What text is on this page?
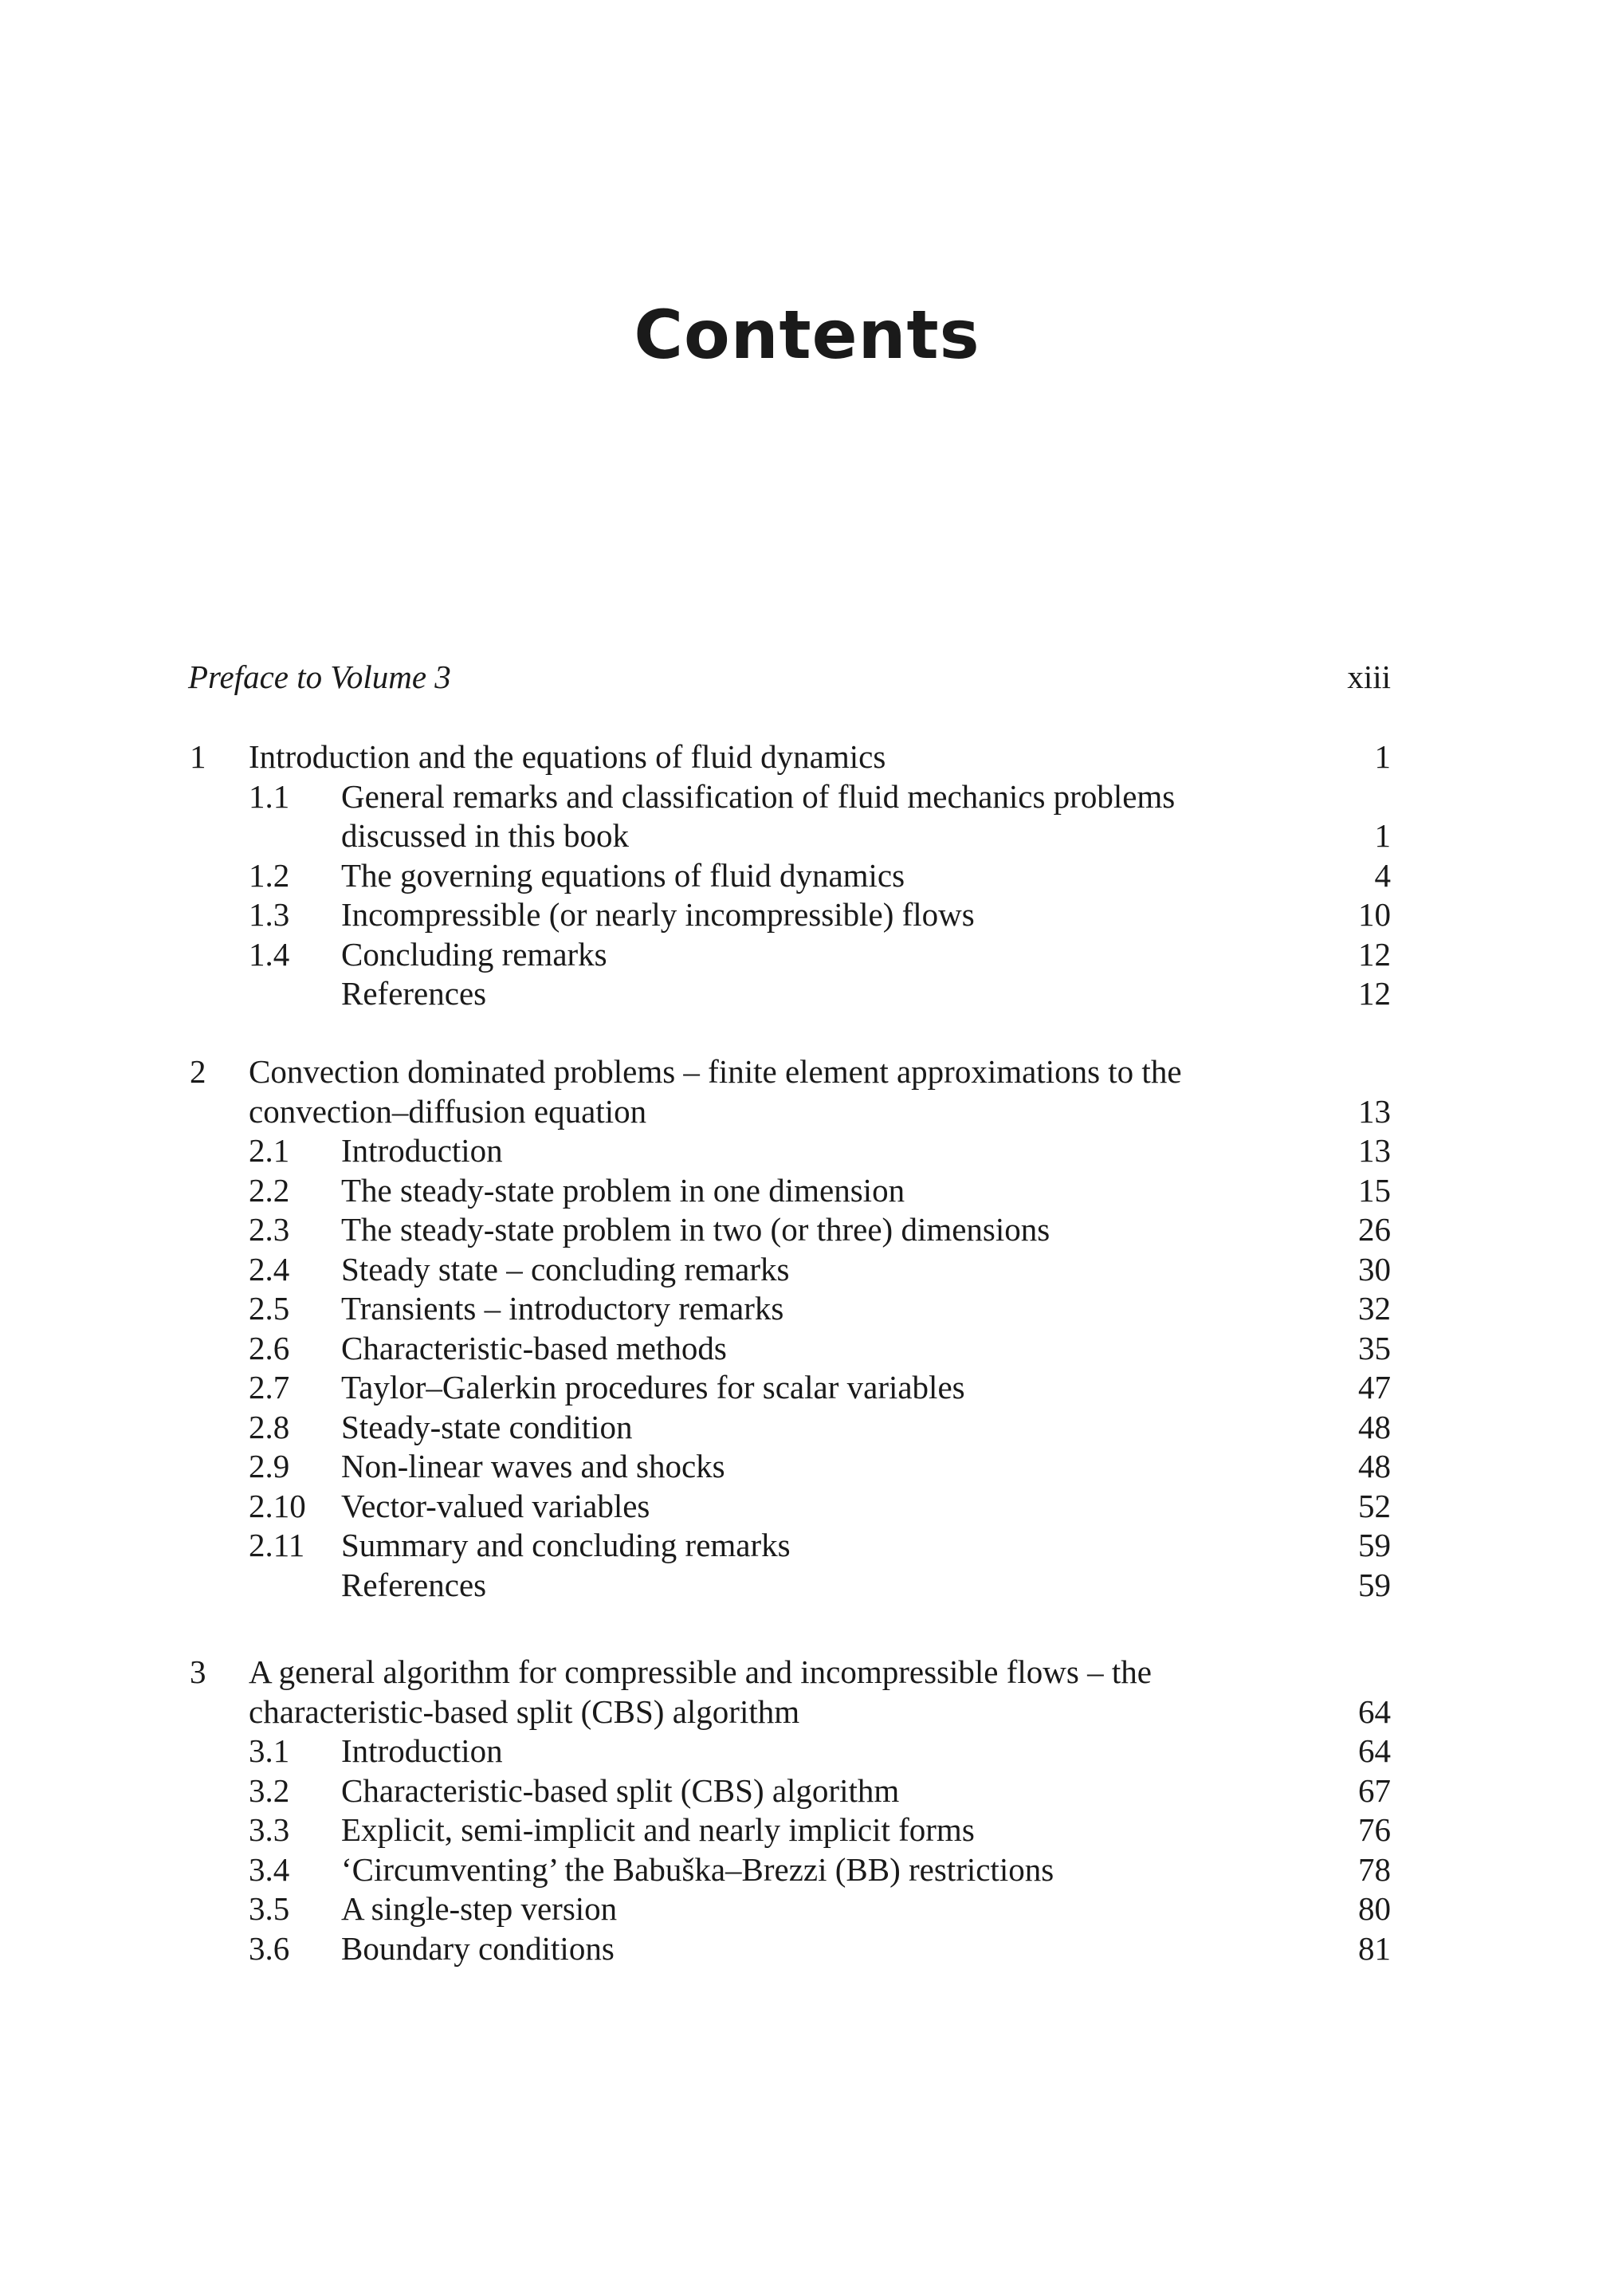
Contents
Preface to Volume 3	xiii
1 Introduction and the equations of fluid dynamics	1
1.1 General remarks and classification of fluid mechanics problems
discussed in this book	1
1.2 The governing equations of fluid dynamics	4
1.3 Incompressible (or nearly incompressible) flows	10
1.4 Concluding remarks	12
References	12
2 Convection dominated problems – finite element approximations to the
convection–diffusion equation	13
2.1 Introduction	13
2.2 The steady-state problem in one dimension	15
2.3 The steady-state problem in two (or three) dimensions	26
2.4 Steady state – concluding remarks	30
2.5 Transients – introductory remarks	32
2.6 Characteristic-based methods	35
2.7 Taylor–Galerkin procedures for scalar variables	47
2.8 Steady-state condition	48
2.9 Non-linear waves and shocks	48
2.10 Vector-valued variables	52
2.11 Summary and concluding remarks	59
References	59
3 A general algorithm for compressible and incompressible flows – the
characteristic-based split (CBS) algorithm	64
3.1 Introduction	64
3.2 Characteristic-based split (CBS) algorithm	67
3.3 Explicit, semi-implicit and nearly implicit forms	76
3.4 ‘Circumventing’ the Babuška–Brezzi (BB) restrictions	78
3.5 A single-step version	80
3.6 Boundary conditions	81
